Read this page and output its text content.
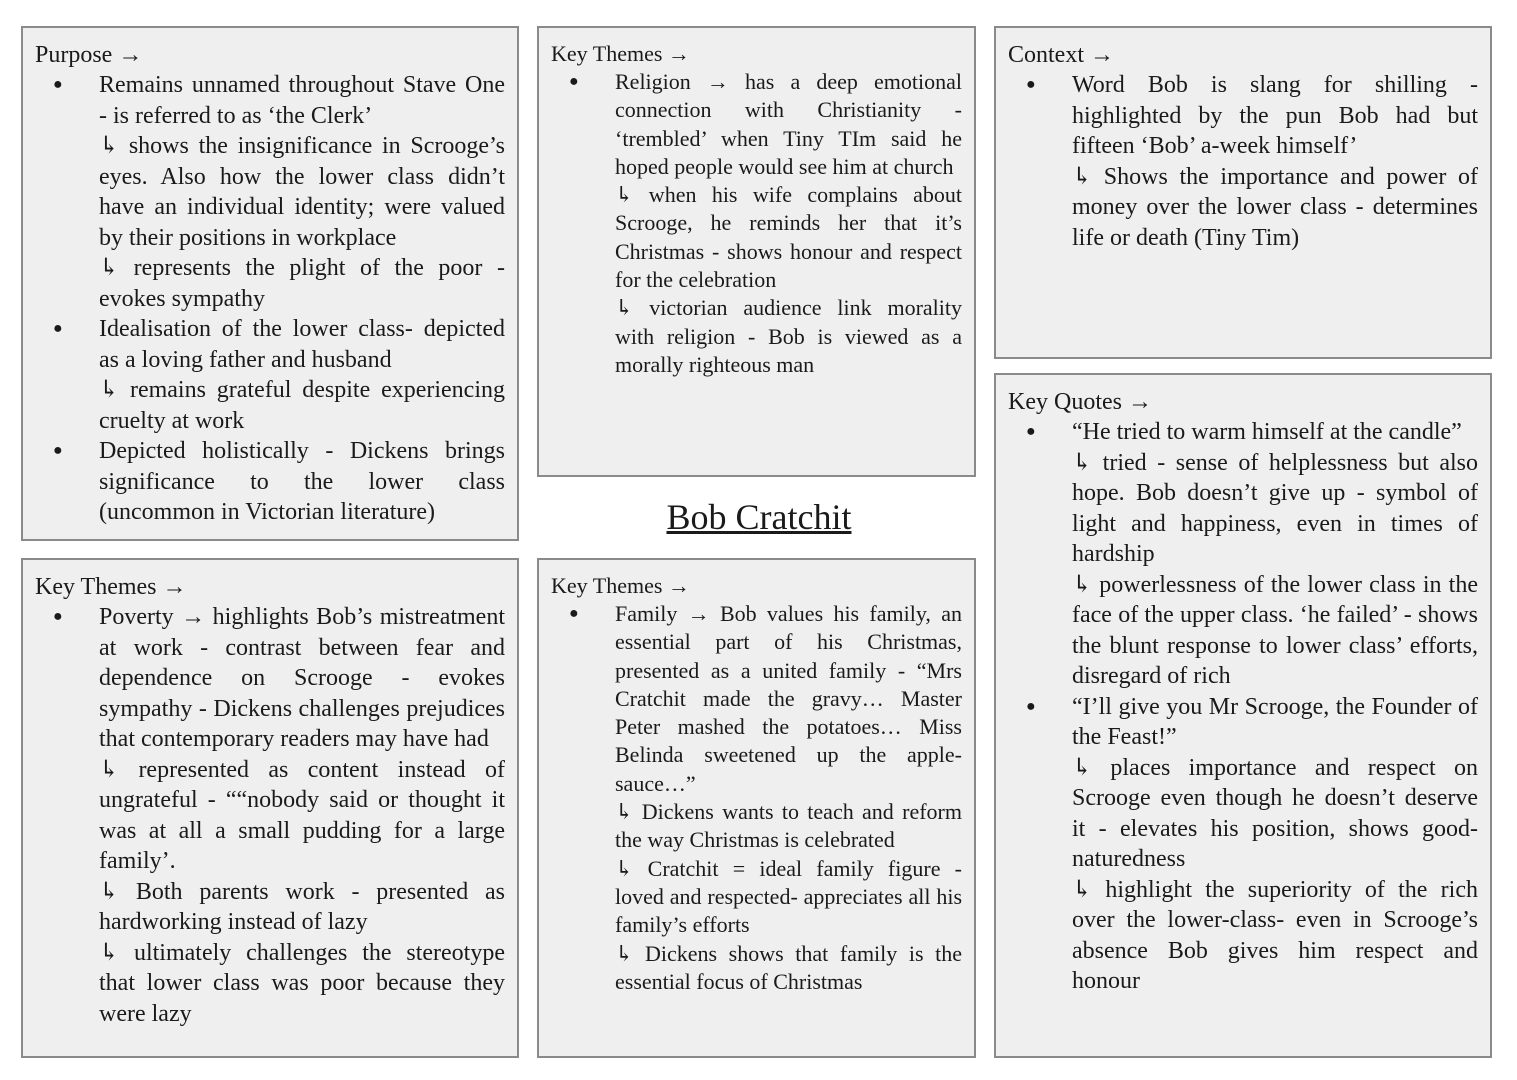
Purpose →

● Remains unnamed throughout Stave One - is referred to as ‘the Clerk’

↳ shows the insignificance in Scrooge’s eyes. Also how the lower class didn’t have an individual identity; were valued by their positions in workplace

↳ represents the plight of the poor - evokes sympathy

● Idealisation of the lower class- depicted as a loving father and husband

↳ remains grateful despite experiencing cruelty at work

● Depicted holistically - Dickens brings significance to the lower class (uncommon in Victorian literature)

Key Themes →

● Religion → has a deep emotional connection with Christianity - ‘trembled’ when Tiny TIm said he hoped people would see him at church

↳ when his wife complains about Scrooge, he reminds her that it’s Christmas - shows honour and respect for the celebration

↳ victorian audience link morality with religion - Bob is viewed as a morally righteous man

Context →

● Word Bob is slang for shilling - highlighted by the pun Bob had but fifteen ‘Bob’ a-week himself’

↳ Shows the importance and power of money over the lower class - determines life or death (Tiny Tim)

Bob Cratchit
Key Quotes →

● “He tried to warm himself at the candle”

↳ tried - sense of helplessness but also hope. Bob doesn’t give up - symbol of light and happiness, even in times of hardship

↳ powerlessness of the lower class in the face of the upper class. ‘he failed’ - shows the blunt response to lower class’ efforts, disregard of rich

● “I’ll give you Mr Scrooge, the Founder of the Feast!”

↳ places importance and respect on Scrooge even though he doesn’t deserve it - elevates his position, shows good-naturedness

↳ highlight the superiority of the rich over the lower-class- even in Scrooge’s absence Bob gives him respect and honour

Key Themes →

● Poverty → highlights Bob’s mistreatment at work - contrast between fear and dependence on Scrooge - evokes sympathy - Dickens challenges prejudices that contemporary readers may have had

↳ represented as content instead of ungrateful - ““nobody said or thought it was at all a small pudding for a large family’.

↳ Both parents work - presented as hardworking instead of lazy

↳ ultimately challenges the stereotype that lower class was poor because they were lazy

Key Themes →

● Family → Bob values his family, an essential part of his Christmas, presented as a united family - “Mrs Cratchit made the gravy… Master Peter mashed the potatoes… Miss Belinda sweetened up the apple-sauce…”

↳ Dickens wants to teach and reform the way Christmas is celebrated

↳ Cratchit = ideal family figure - loved and respected- appreciates all his family’s efforts

↳ Dickens shows that family is the essential focus of Christmas
